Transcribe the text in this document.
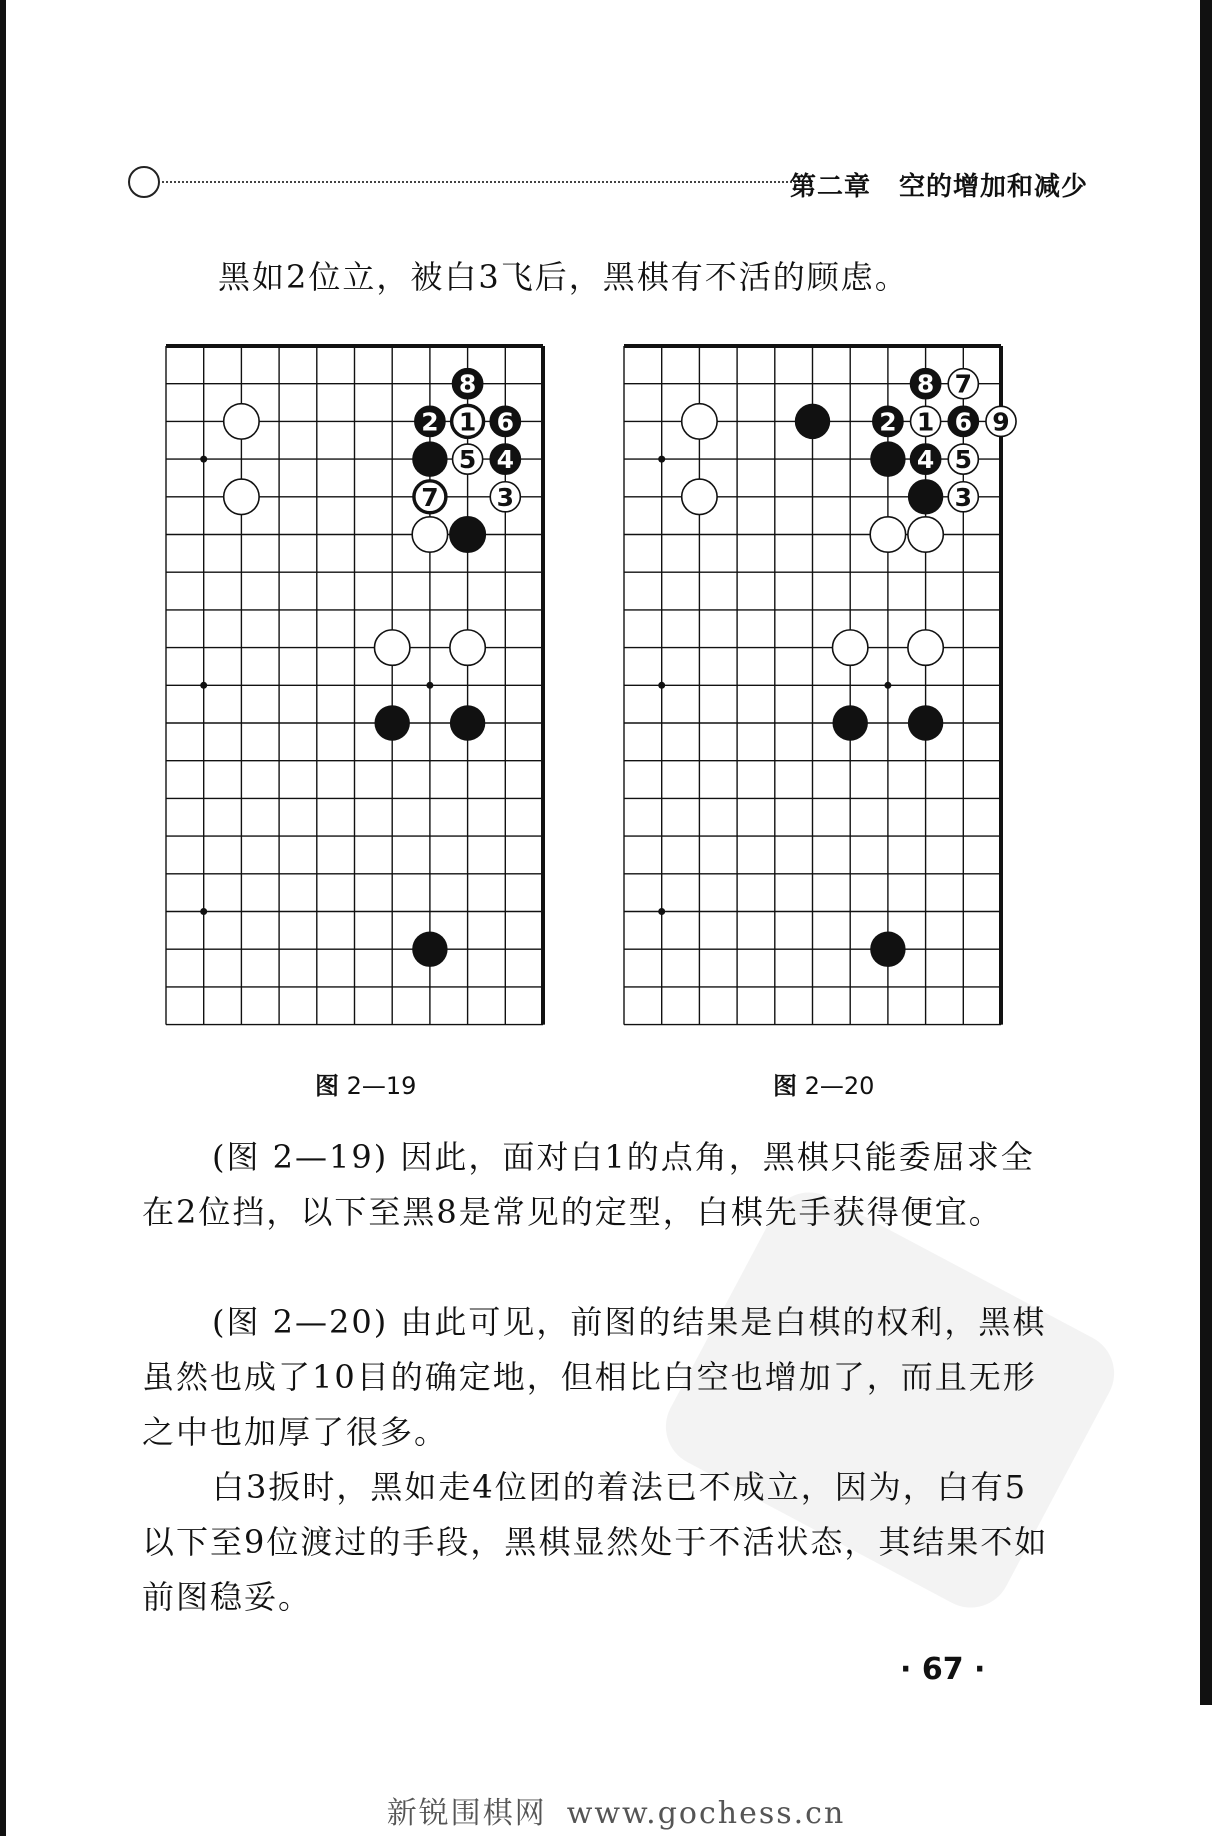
第二章 空的增加和减少

黑如2位立，被白3飞后，黑棋有不活的顾虑。

8
2 1 6
5 4
7 3
8 7
2 1 6 9
4 5
3
图 2—19	图 2—20

(图 2—19) 因此，面对白1的点角，黑棋只能委屈求全在2位挡，以下至黑8是常见的定型，白棋先手获得便宜。

(图 2—20) 由此可见，前图的结果是白棋的权利，黑棋虽然也成了10目的确定地，但相比白空也增加了，而且无形之中也加厚了很多。

白3扳时，黑如走4位团的着法已不成立，因为，白有5以下至9位渡过的手段，黑棋显然处于不活状态，其结果不如前图稳妥。

· 67 ·
新锐围棋网 www.gochess.cn
